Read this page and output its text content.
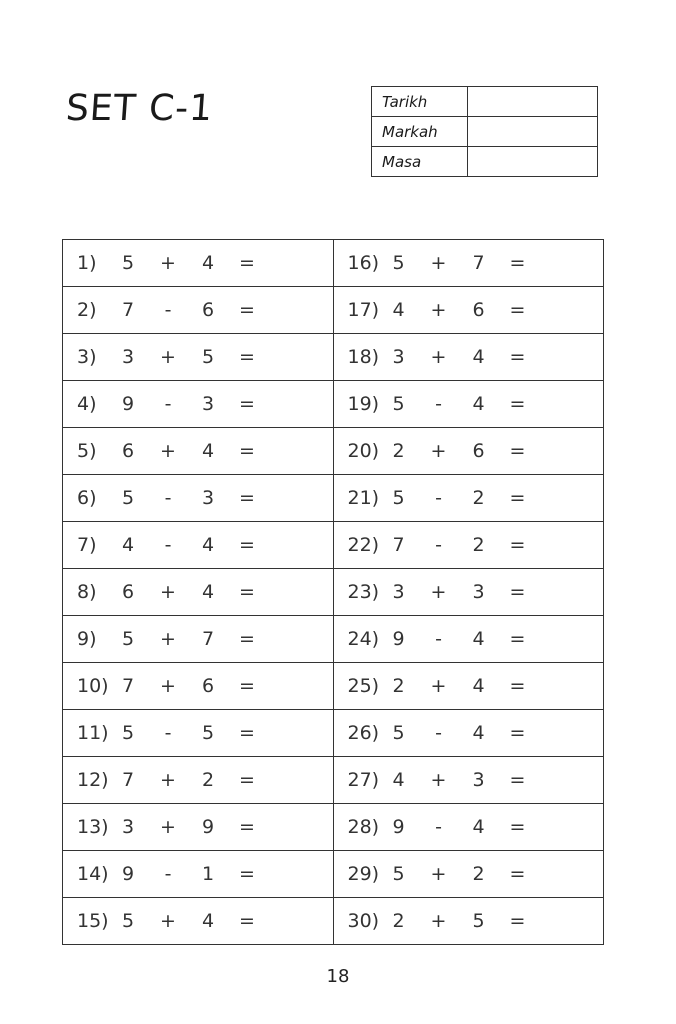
SET C-1	Tarikh	
Markah	
Masa	
1) 5 + 4 =	16) 5 + 7 =

2) 7 - 6 =	17) 4 + 6 =

3) 3 + 5 =	18) 3 + 4 =

4) 9 - 3 =	19) 5 - 4 =

5) 6 + 4 =	20) 2 + 6 =

6) 5 - 3 =	21) 5 - 2 =

7) 4 - 4 =	22) 7 - 2 =

8) 6 + 4 =	23) 3 + 3 =

9) 5 + 7 =	24) 9 - 4 =

10) 7 + 6 =	25) 2 + 4 =

11) 5 - 5 =	26) 5 - 4 =

12) 7 + 2 =	27) 4 + 3 =

13) 3 + 9 =	28) 9 - 4 =

14) 9 - 1 =	29) 5 + 2 =

15) 5 + 4 =	30) 2 + 5 =
18
